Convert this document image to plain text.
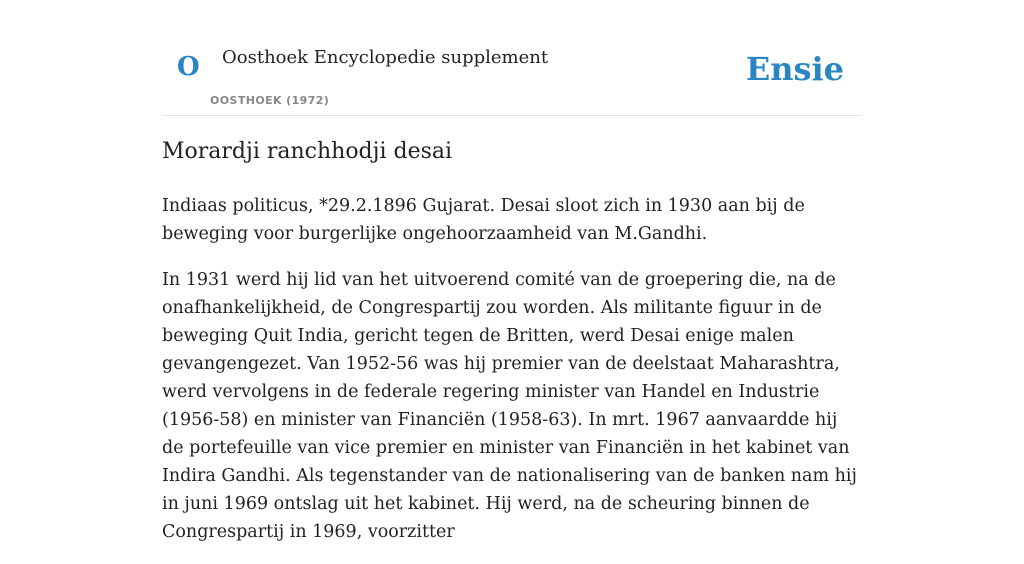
O Oosthoek Encyclopedie supplement
OOSTHOEK (1972)
Ensie
Morardji ranchhodji desai

Indiaas politicus, *29.2.1896 Gujarat. Desai sloot zich in 1930 aan bij de beweging voor burgerlijke ongehoorzaamheid van M.Gandhi.

In 1931 werd hij lid van het uitvoerend comité van de groepering die, na de onafhankelijkheid, de Congrespartij zou worden. Als militante figuur in de beweging Quit India, gericht tegen de Britten, werd Desai enige malen gevangengezet. Van 1952-56 was hij premier van de deelstaat Maharashtra, werd vervolgens in de federale regering minister van Handel en Industrie (1956-58) en minister van Financiën (1958-63). In mrt. 1967 aanvaardde hij de portefeuille van vice premier en minister van Financiën in het kabinet van Indira Gandhi. Als tegenstander van de nationalisering van de banken nam hij in juni 1969 ontslag uit het kabinet. Hij werd, na de scheuring binnen de Congrespartij in 1969, voorzitter
